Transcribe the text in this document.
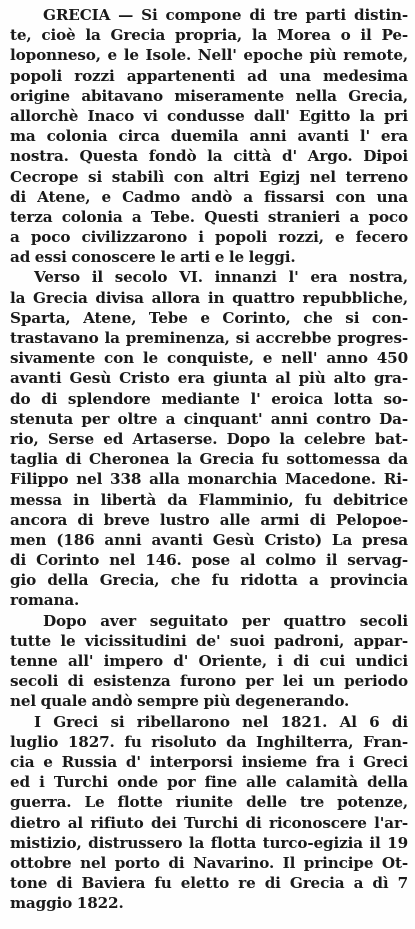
GRECIA — Si compone di tre parti distin-
te, cioè la Grecia propria, la Morea o il Pe-
loponneso, e le Isole. Nell' epoche più remote,
popoli rozzi appartenenti ad una medesima
origine abitavano miseramente nella Grecia,
allorchè Inaco vi condusse dall' Egitto la pri
ma colonia circa duemila anni avanti l' era
nostra. Questa fondò la città d' Argo. Dipoi
Cecrope si stabilì con altri Egizj nel terreno
di Atene, e Cadmo andò a fissarsi con una
terza colonia a Tebe. Questi stranieri a poco
a poco civilizzarono i popoli rozzi, e fecero
ad essi conoscere le arti e le leggi.
Verso il secolo VI. innanzi l' era nostra,
la Grecia divisa allora in quattro repubbliche,
Sparta, Atene, Tebe e Corinto, che si con-
trastavano la preminenza, si accrebbe progres-
sivamente con le conquiste, e nell' anno 450
avanti Gesù Cristo era giunta al più alto gra-
do di splendore mediante l' eroica lotta so-
stenuta per oltre a cinquant' anni contro Da-
rio, Serse ed Artaserse. Dopo la celebre bat-
taglia di Cheronea la Grecia fu sottomessa da
Filippo nel 338 alla monarchia Macedone. Ri-
messa in libertà da Flamminio, fu debitrice
ancora di breve lustro alle armi di Pelopoe-
men (186 anni avanti Gesù Cristo) La presa
di Corinto nel 146. pose al colmo il servag-
gio della Grecia, che fu ridotta a provincia
romana.
Dopo aver seguitato per quattro secoli
tutte le vicissitudini de' suoi padroni, appar-
tenne all' impero d' Oriente, i di cui undici
secoli di esistenza furono per lei un periodo
nel quale andò sempre più degenerando.
I Greci si ribellarono nel 1821. Al 6 di
luglio 1827. fu risoluto da Inghilterra, Fran-
cia e Russia d' interporsi insieme fra i Greci
ed i Turchi onde por fine alle calamità della
guerra. Le flotte riunite delle tre potenze,
dietro al rifiuto dei Turchi di riconoscere l'ar-
mistizio, distrussero la flotta turco-egizia il 19
ottobre nel porto di Navarino. Il principe Ot-
tone di Baviera fu eletto re di Grecia a dì 7
maggio 1822.
